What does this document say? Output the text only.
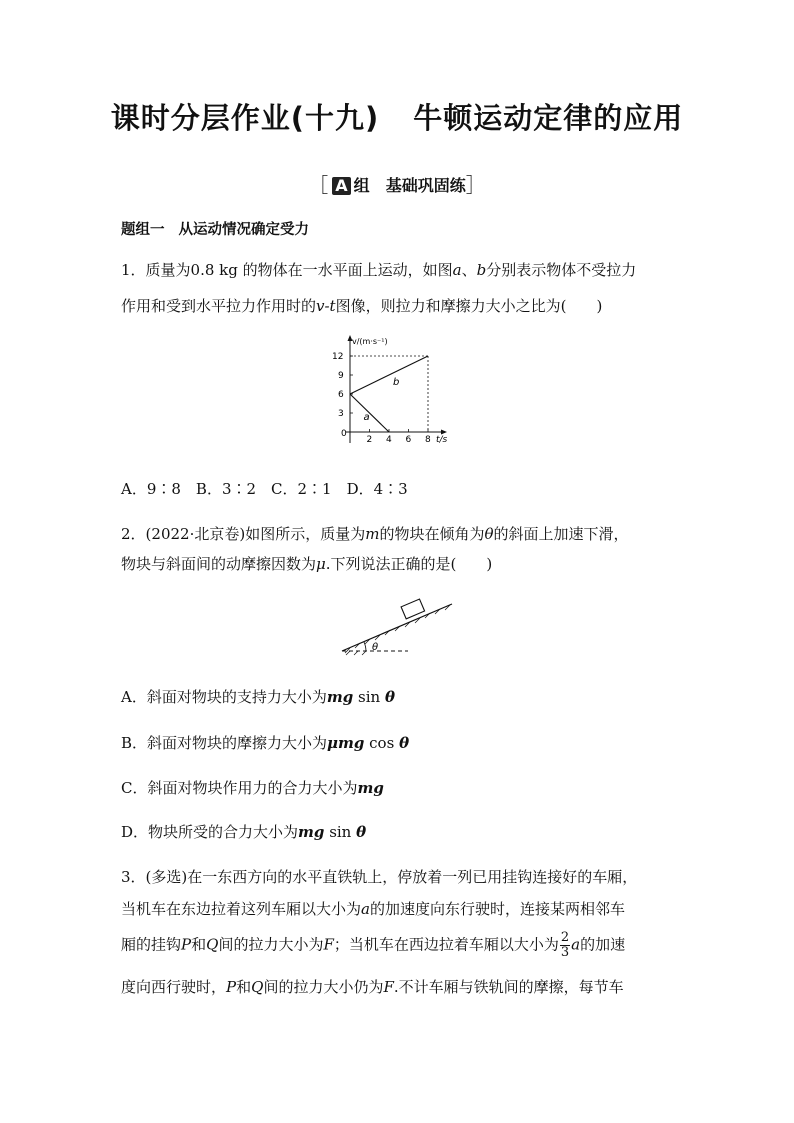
课时分层作业(十九) 牛顿运动定律的应用
［ A 组 基础巩固练］
题组一 从运动情况确定受力
1．质量为0.8 kg 的物体在一水平面上运动，如图a、b分别表示物体不受拉力
作用和受到水平拉力作用时的v-t图像，则拉力和摩擦力大小之比为(　　)
v/(m·s⁻¹)
t/s
0
2 4 6 8
3
6
9
12
a
b
A．9∶8　B．3∶2　C．2∶1　D．4∶3
2．(2022·北京卷)如图所示，质量为m的物块在倾角为θ的斜面上加速下滑，
物块与斜面间的动摩擦因数为μ.下列说法正确的是(　　)
θ
A．斜面对物块的支持力大小为mg sin θ
B．斜面对物块的摩擦力大小为μmg cos θ
C．斜面对物块作用力的合力大小为mg
D．物块所受的合力大小为mg sin θ
3．(多选)在一东西方向的水平直铁轨上，停放着一列已用挂钩连接好的车厢，
当机车在东边拉着这列车厢以大小为a的加速度向东行驶时，连接某两相邻车
厢的挂钩P和Q间的拉力大小为F；当机车在西边拉着车厢以大小为 $\frac{2}{3}$ a的加速
度向西行驶时，P和Q间的拉力大小仍为F.不计车厢与铁轨间的摩擦，每节车
